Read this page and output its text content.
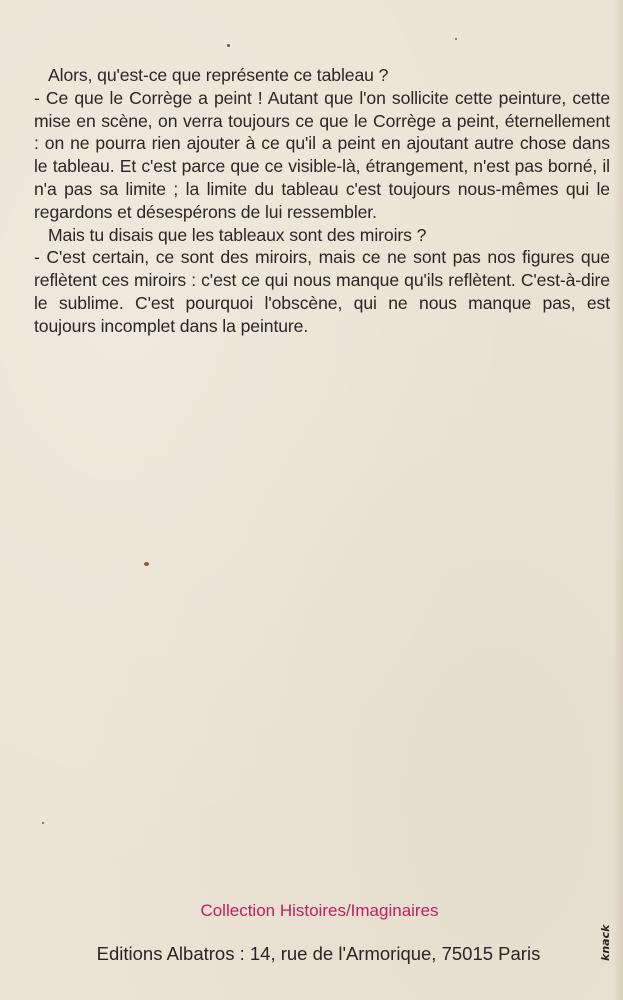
Alors, qu'est-ce que représente ce tableau ?

- Ce que le Corrège a peint ! Autant que l'on sollicite cette peinture, cette mise en scène, on verra toujours ce que le Corrège a peint, éternellement : on ne pourra rien ajouter à ce qu'il a peint en ajoutant autre chose dans le tableau. Et c'est parce que ce visible-là, étrangement, n'est pas borné, il n'a pas sa limite ; la limite du tableau c'est toujours nous-mêmes qui le regardons et désespérons de lui ressembler.

Mais tu disais que les tableaux sont des miroirs ?

- C'est certain, ce sont des miroirs, mais ce ne sont pas nos figures que reflètent ces miroirs : c'est ce qui nous manque qu'ils reflètent. C'est-à-dire le sublime. C'est pourquoi l'obscène, qui ne nous manque pas, est toujours incomplet dans la peinture.

Collection Histoires/Imaginaires
Editions Albatros : 14, rue de l'Armorique, 75015 Paris	knack
